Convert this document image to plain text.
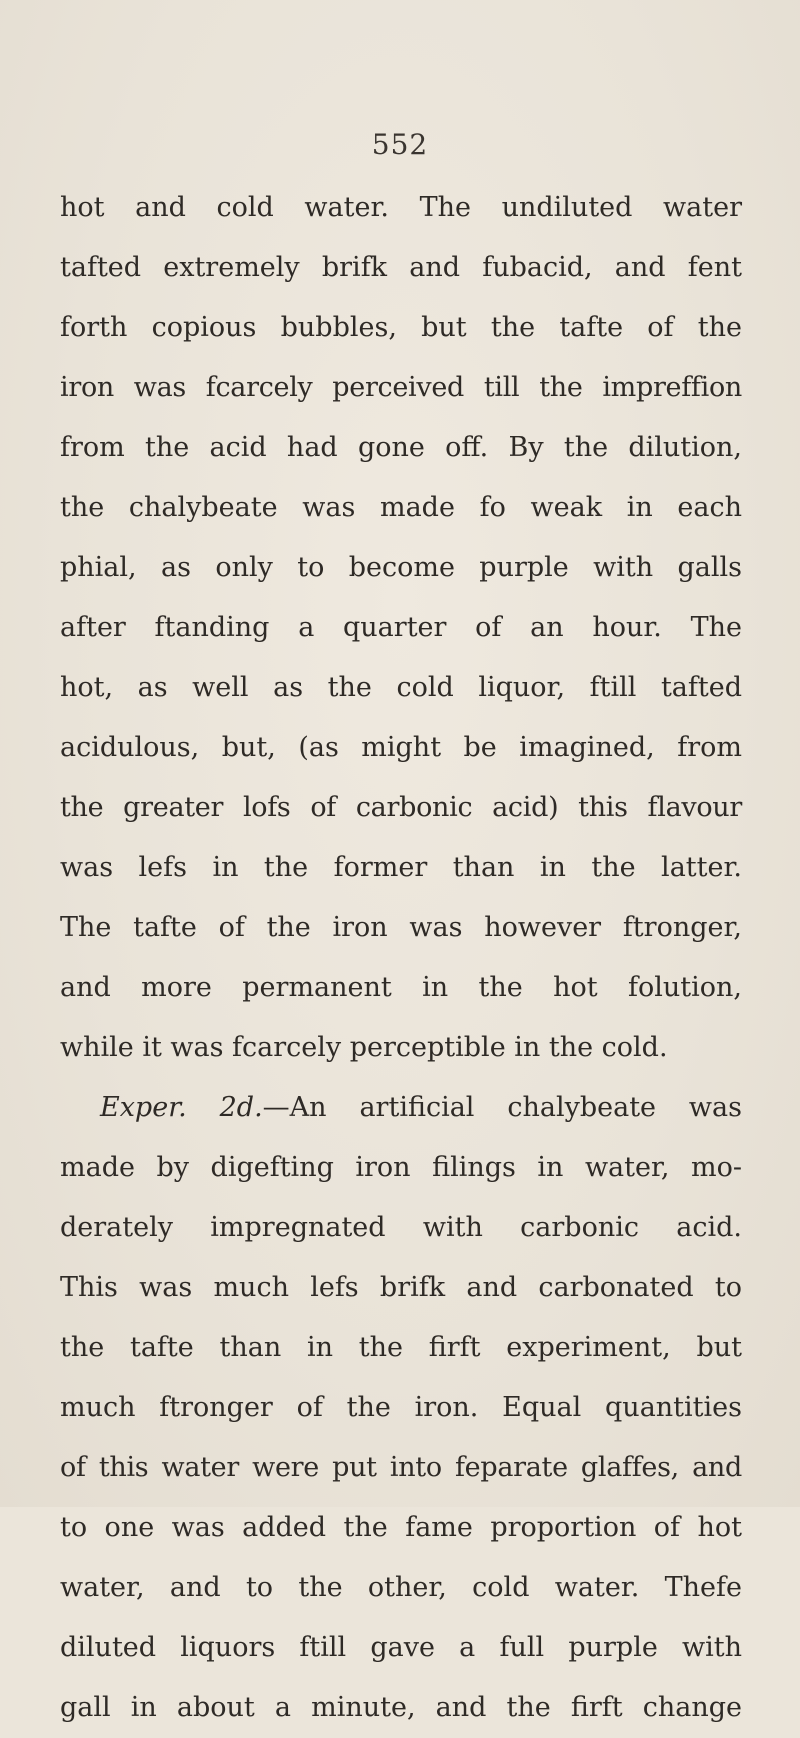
552
hot and cold water. The undiluted water
tafted extremely brifk and fubacid, and fent
forth copious bubbles, but the tafte of the
iron was fcarcely perceived till the impreffion
from the acid had gone off. By the dilution,
the chalybeate was made fo weak in each
phial, as only to become purple with galls
after ftanding a quarter of an hour. The
hot, as well as the cold liquor, ftill tafted
acidulous, but, (as might be imagined, from
the greater lofs of carbonic acid) this flavour
was lefs in the former than in the latter.
The tafte of the iron was however ftronger,
and more permanent in the hot folution,
while it was fcarcely perceptible in the cold.
Exper. 2d.—An artificial chalybeate was
made by digefting iron filings in water, mo-
derately impregnated with carbonic acid.
This was much lefs brifk and carbonated to
the tafte than in the firft experiment, but
much ftronger of the iron. Equal quantities
of this water were put into feparate glaffes, and
to one was added the fame proportion of hot
water, and to the other, cold water. Thefe
diluted liquors ftill gave a full purple with
gall in about a minute, and the firft change
